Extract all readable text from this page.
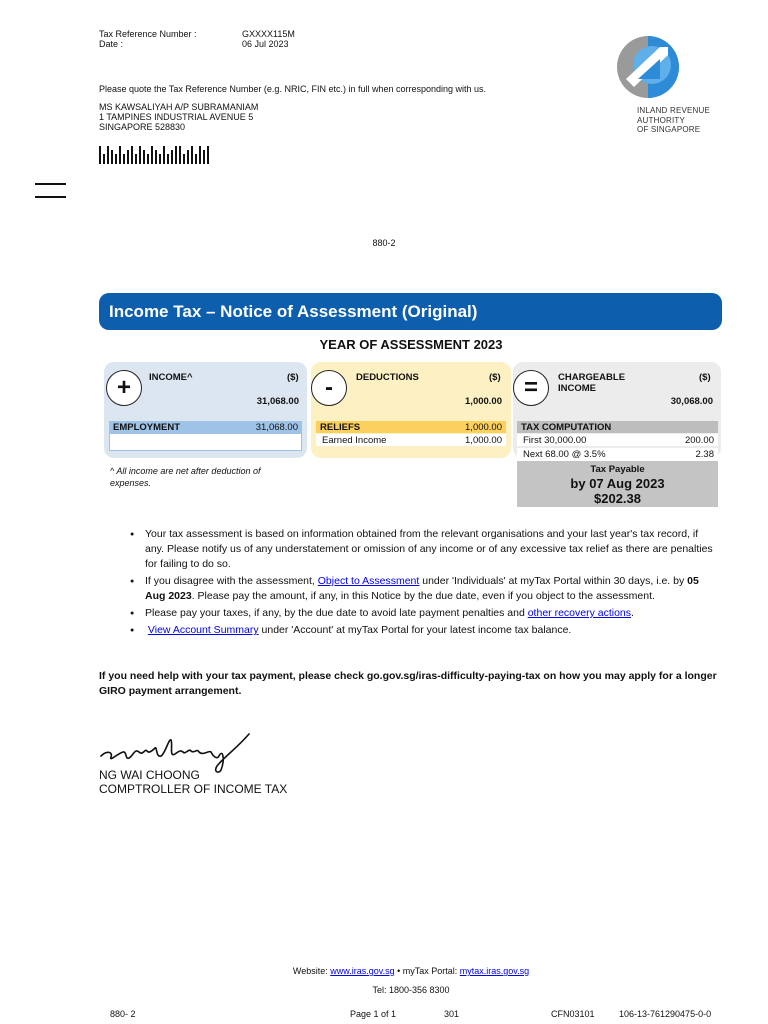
Tax Reference Number :	GXXXX115M
Date :	06 Jul 2023
Please quote the Tax Reference Number (e.g. NRIC, FIN etc.) in full when corresponding with us.
MS KAWSALIYAH A/P SUBRAMANIAM
1 TAMPINES INDUSTRIAL AVENUE 5
SINGAPORE 528830
INLAND REVENUE
AUTHORITY
OF SINGAPORE
880-2
Income Tax – Notice of Assessment (Original)
YEAR OF ASSESSMENT 2023
+	INCOME^	($)
31,068.00
EMPLOYMENT	31,068.00
-	DEDUCTIONS	($)
1,000.00
RELIEFS	1,000.00
Earned Income	1,000.00
=	CHARGEABLE
INCOME
($)
30,068.00
TAX COMPUTATION
First 30,000.00	200.00
Next 68.00 @ 3.5%	2.38
Tax Payable
by 07 Aug 2023
$202.38
^ All income are net after deduction of expenses.
● Your tax assessment is based on information obtained from the relevant organisations and your last year's tax record, if any. Please notify us of any understatement or omission of any income or of any excessive tax relief as there are penalties for failing to do so.
● If you disagree with the assessment, Object to Assessment under 'Individuals' at myTax Portal within 30 days, i.e. by 05 Aug 2023. Please pay the amount, if any, in this Notice by the due date, even if you object to the assessment.
● Please pay your taxes, if any, by the due date to avoid late payment penalties and other recovery actions.
● View Account Summary under 'Account' at myTax Portal for your latest income tax balance.
If you need help with your tax payment, please check go.gov.sg/iras-difficulty-paying-tax on how you may apply for a longer GIRO payment arrangement.
NG WAI CHOONG
COMPTROLLER OF INCOME TAX
Website: www.iras.gov.sg • myTax Portal: mytax.iras.gov.sg
Tel: 1800-356 8300
880- 2	Page 1 of 1	301	CFN03101	106-13-761290475-0-0
